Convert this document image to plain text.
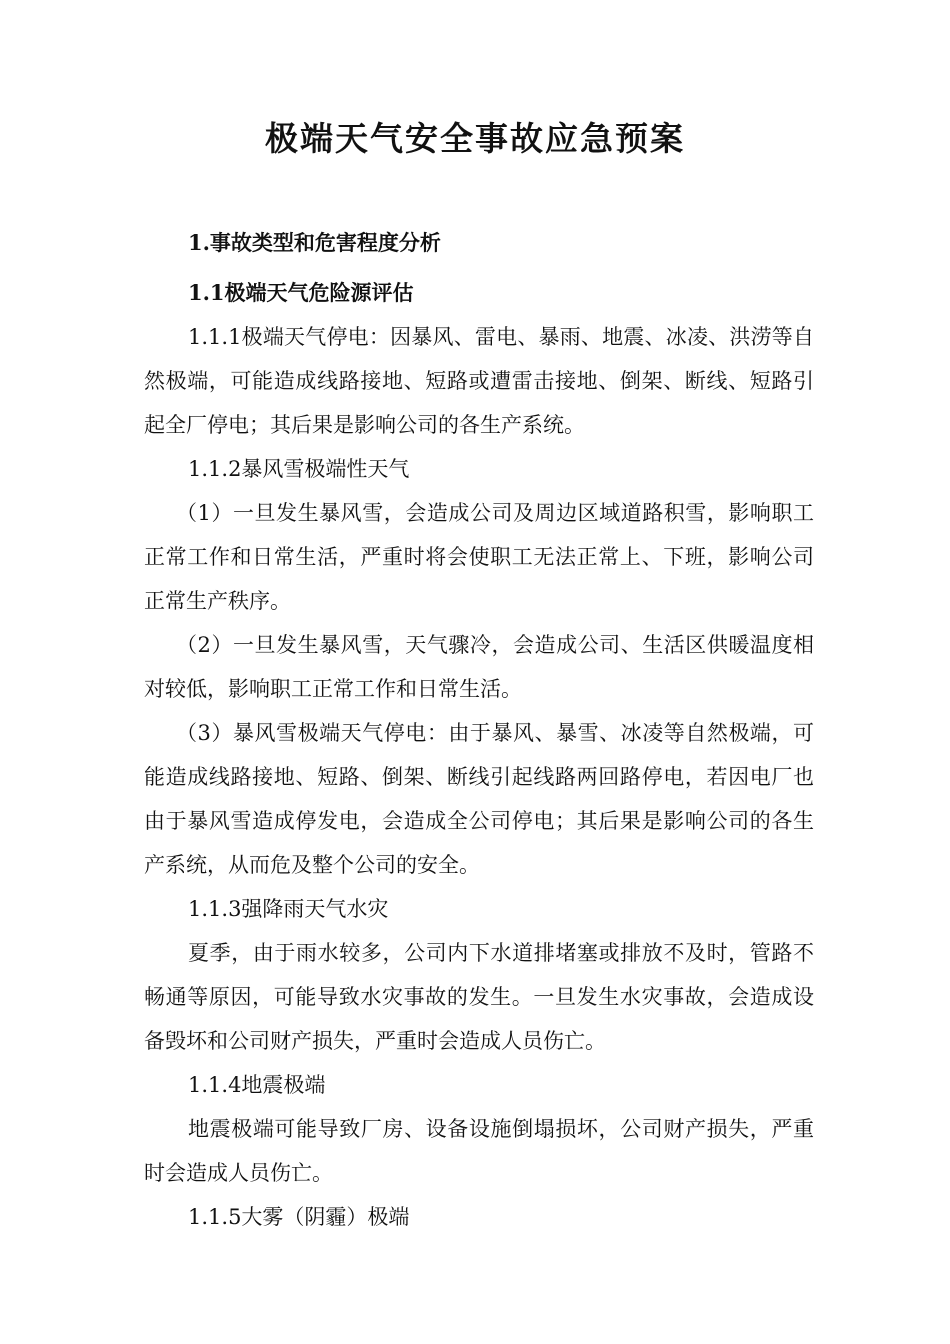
极端天气安全事故应急预案

1.事故类型和危害程度分析

1.1极端天气危险源评估

1.1.1极端天气停电：因暴风、雷电、暴雨、地震、冰凌、洪涝等自然极端，可能造成线路接地、短路或遭雷击接地、倒架、断线、短路引起全厂停电；其后果是影响公司的各生产系统。

1.1.2暴风雪极端性天气

（1）一旦发生暴风雪，会造成公司及周边区域道路积雪，影响职工正常工作和日常生活，严重时将会使职工无法正常上、下班，影响公司正常生产秩序。

（2）一旦发生暴风雪，天气骤冷，会造成公司、生活区供暖温度相对较低，影响职工正常工作和日常生活。

（3）暴风雪极端天气停电：由于暴风、暴雪、冰凌等自然极端，可能造成线路接地、短路、倒架、断线引起线路两回路停电，若因电厂也由于暴风雪造成停发电，会造成全公司停电；其后果是影响公司的各生产系统，从而危及整个公司的安全。

1.1.3强降雨天气水灾

夏季，由于雨水较多，公司内下水道排堵塞或排放不及时，管路不畅通等原因，可能导致水灾事故的发生。一旦发生水灾事故，会造成设备毁坏和公司财产损失，严重时会造成人员伤亡。

1.1.4地震极端

地震极端可能导致厂房、设备设施倒塌损坏，公司财产损失，严重时会造成人员伤亡。

1.1.5大雾（阴霾）极端
